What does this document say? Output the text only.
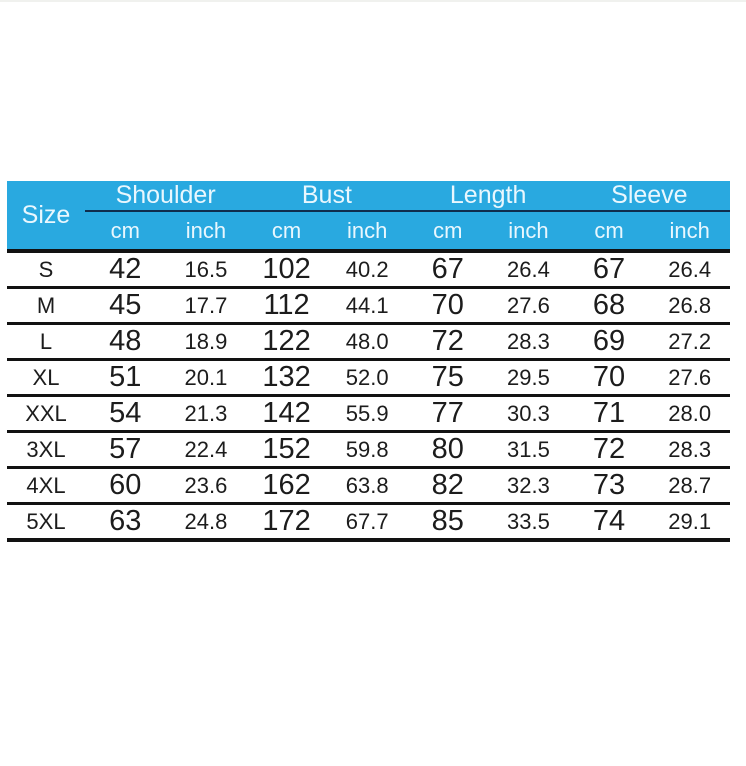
Size	Shoulder		Bust		Length		Sleeve	
	cm	inch	cm	inch	cm	inch	cm	inch
S	42	16.5	102	40.2	67	26.4	67	26.4
M	45	17.7	112	44.1	70	27.6	68	26.8
L	48	18.9	122	48.0	72	28.3	69	27.2
XL	51	20.1	132	52.0	75	29.5	70	27.6
XXL	54	21.3	142	55.9	77	30.3	71	28.0
3XL	57	22.4	152	59.8	80	31.5	72	28.3
4XL	60	23.6	162	63.8	82	32.3	73	28.7
5XL	63	24.8	172	67.7	85	33.5	74	29.1
